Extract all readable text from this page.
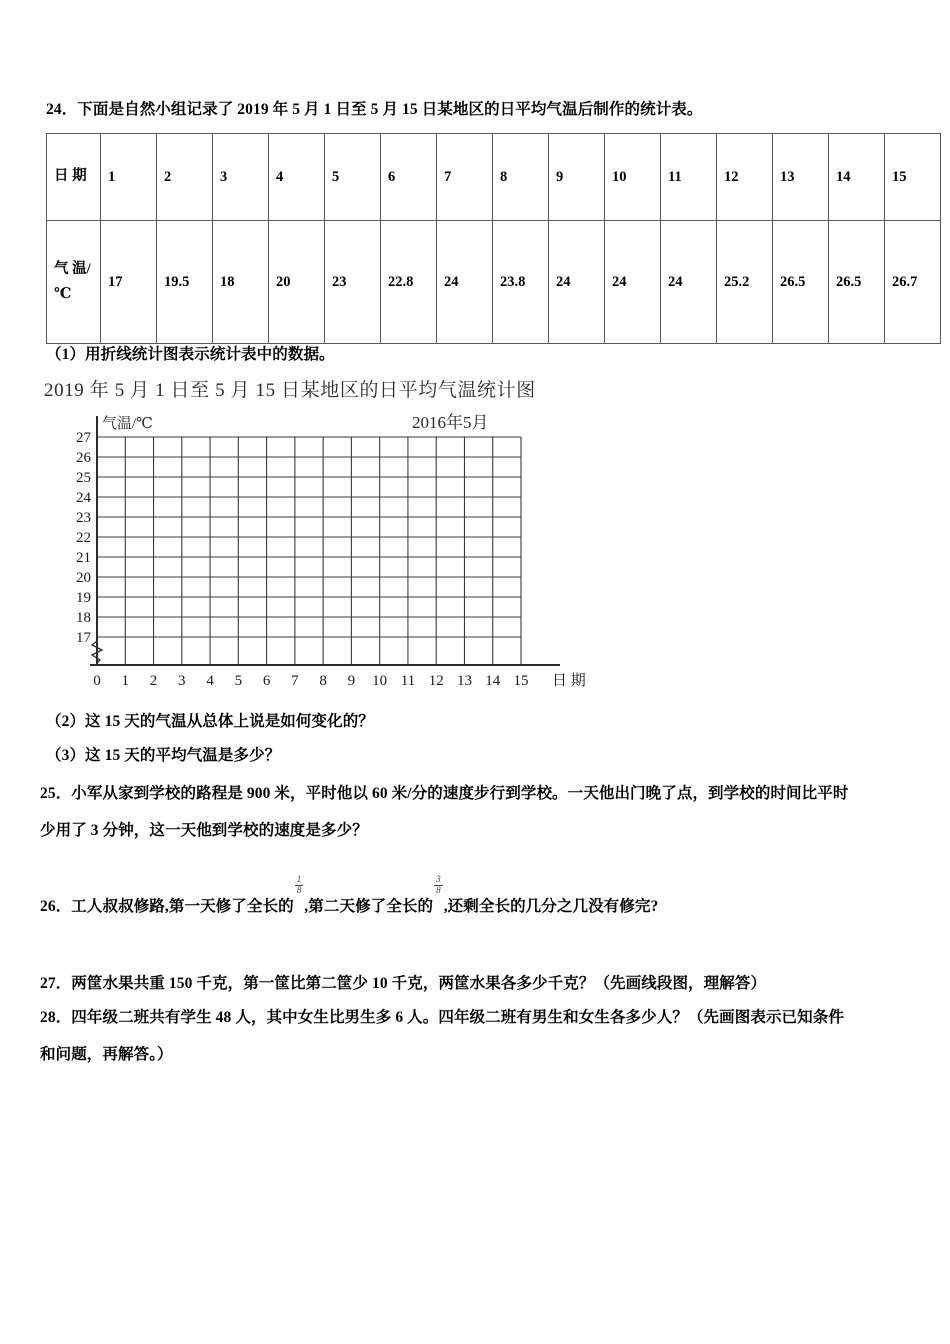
24．下面是自然小组记录了 2019 年 5 月 1 日至 5 月 15 日某地区的日平均气温后制作的统计表。
日 期	1	2	3	4	5	6	7	8	9	10	11	12	13	14	15
气 温/ ℃	17	19.5	18	20	23	22.8	24	23.8	24	24	24	25.2	26.5	26.5	26.7
（1）用折线统计图表示统计表中的数据。
2019 年 5 月 1 日至 5 月 15 日某地区的日平均气温统计图
气温/℃	2016年5月
27
26
25
24
23
22
21
20
19
18
17
0 1 2 3 4 5 6 7 8 9 10 11 12 13 14 15 日 期
（2）这 15 天的气温从总体上说是如何变化的？
（3）这 15 天的平均气温是多少？
25．小军从家到学校的路程是 900 米，平时他以 60 米/分的速度步行到学校。一天他出门晚了点，到学校的时间比平时
少用了 3 分钟，这一天他到学校的速度是多少？
26．工人叔叔修路,第一天修了全长的
$\frac{1}{8}$
,第二天修了全长的
$\frac{3}{8}$
,还剩全长的几分之几没有修完?
27．两筐水果共重 150 千克，第一筐比第二筐少 10 千克，两筐水果各多少千克？（先画线段图，理解答）
28．四年级二班共有学生 48 人，其中女生比男生多 6 人。四年级二班有男生和女生各多少人？（先画图表示已知条件
和问题，再解答。）
